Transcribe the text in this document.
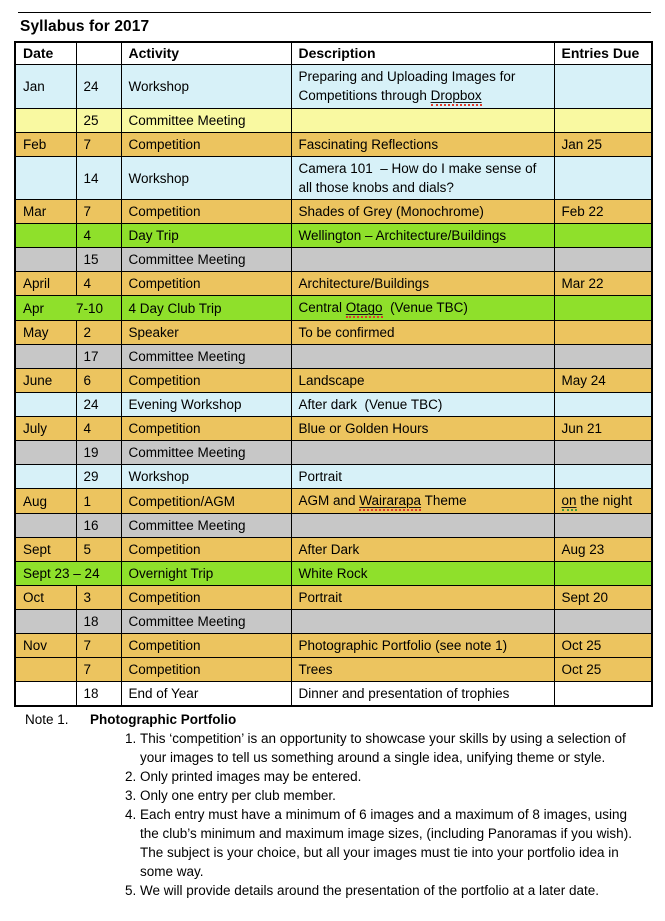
Syllabus for 2017
Date		Activity	Description	Entries Due
Jan	24	Workshop	Preparing and Uploading Images for Competitions through Dropbox	
	25	Committee Meeting		
Feb	7	Competition	Fascinating Reflections	Jan 25
	14	Workshop	Camera 101  – How do I make sense of all those knobs and dials?	
Mar	7	Competition	Shades of Grey (Monochrome)	Feb 22
	4	Day Trip	Wellington – Architecture/Buildings	
	15	Committee Meeting		
April	4	Competition	Architecture/Buildings	Mar 22
Apr 7-10		4 Day Club Trip	Central Otago  (Venue TBC)	
May	2	Speaker	To be confirmed	
	17	Committee Meeting		
June	6	Competition	Landscape	May 24
	24	Evening Workshop	After dark  (Venue TBC)	
July	4	Competition	Blue or Golden Hours	Jun 21
	19	Committee Meeting		
	29	Workshop	Portrait	
Aug	1	Competition/AGM	AGM and Wairarapa Theme	on the night
	16	Committee Meeting		
Sept	5	Competition	After Dark	Aug 23
Sept 23 – 24		Overnight Trip	White Rock	
Oct	3	Competition	Portrait	Sept 20
	18	Committee Meeting		
Nov	7	Competition	Photographic Portfolio (see note 1)	Oct 25
	7	Competition	Trees	Oct 25
	18	End of Year	Dinner and presentation of trophies	
Note 1.	Photographic Portfolio
1. This ‘competition’ is an opportunity to showcase your skills by using a selection of your images to tell us something around a single idea, unifying theme or style.
2. Only printed images may be entered.
3. Only one entry per club member.
4. Each entry must have a minimum of 6 images and a maximum of 8 images, using the club’s minimum and maximum image sizes, (including Panoramas if you wish).  The subject is your choice, but all your images must tie into your portfolio idea in some way.
5. We will provide details around the presentation of the portfolio at a later date.
